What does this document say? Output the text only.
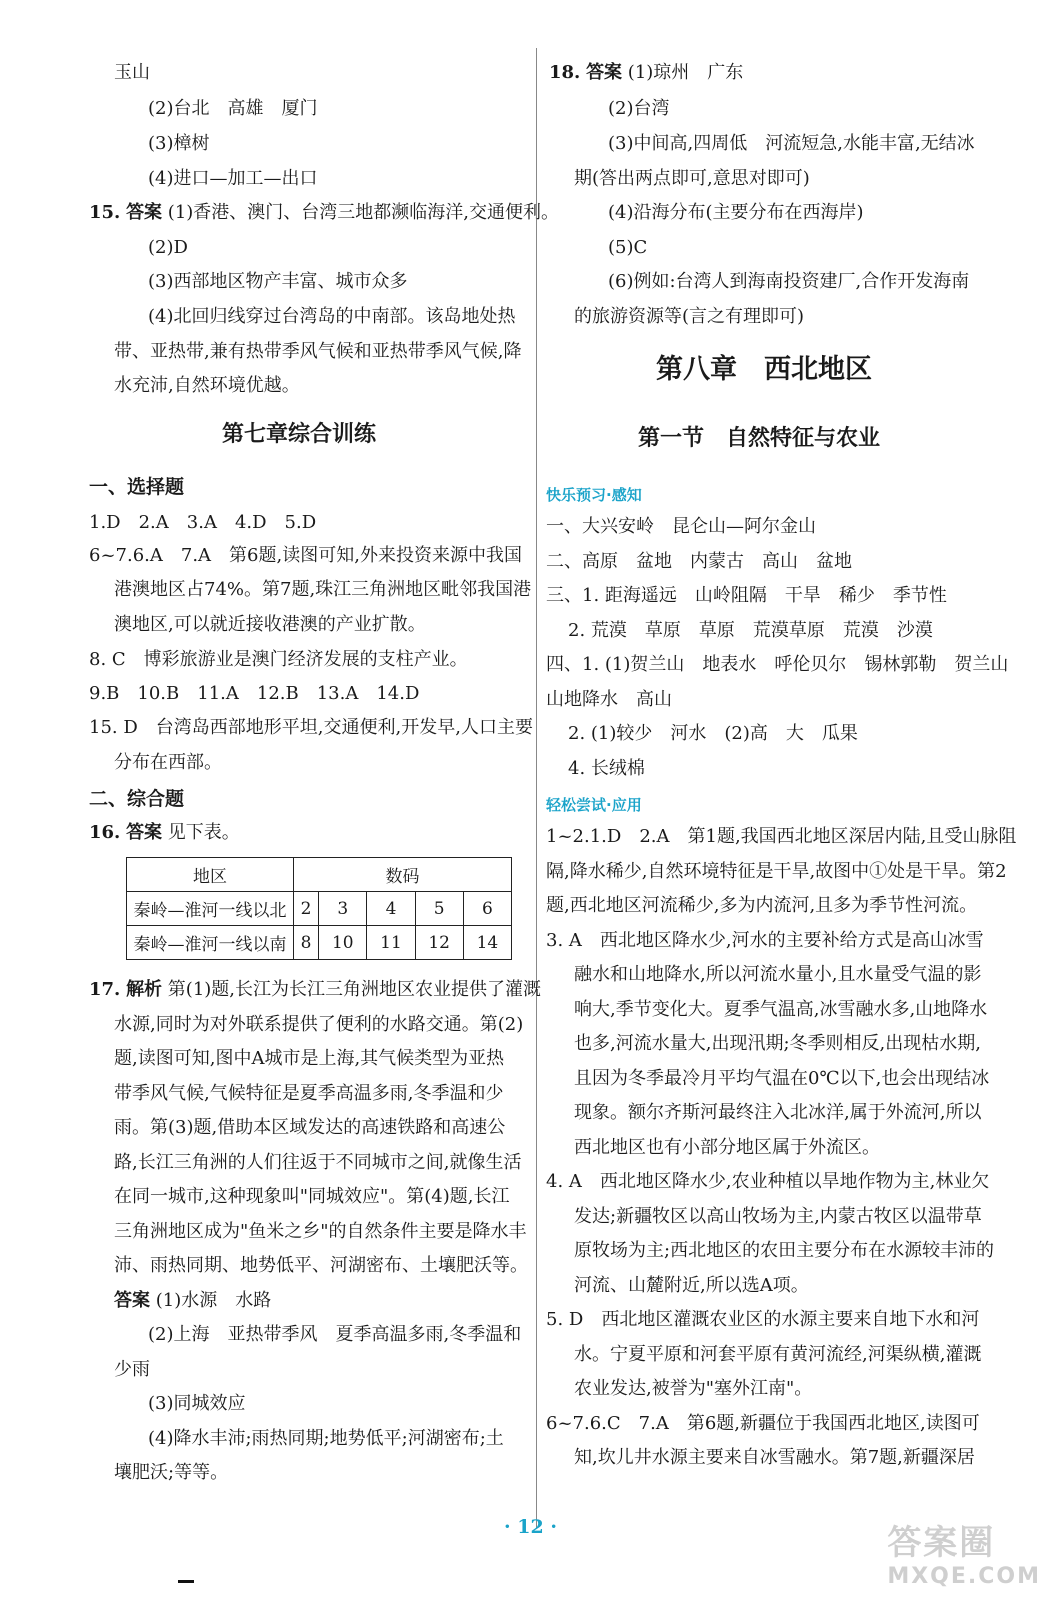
玉山
(2)台北　高雄　厦门
(3)樟树
(4)进口—加工—出口
15. 答案 (1)香港、澳门、台湾三地都濒临海洋,交通便利。
(2)D
(3)西部地区物产丰富、城市众多
(4)北回归线穿过台湾岛的中南部。该岛地处热
带、亚热带,兼有热带季风气候和亚热带季风气候,降
水充沛,自然环境优越。
第七章综合训练
一、选择题
1.D　2.A　3.A　4.D　5.D
6~7.6.A　7.A　第6题,读图可知,外来投资来源中我国
港澳地区占74%。第7题,珠江三角洲地区毗邻我国港
澳地区,可以就近接收港澳的产业扩散。
8. C　博彩旅游业是澳门经济发展的支柱产业。
9.B　10.B　11.A　12.B　13.A　14.D
15. D　台湾岛西部地形平坦,交通便利,开发早,人口主要
分布在西部。
二、综合题
16. 答案 见下表。
地区	数码				
秦岭—淮河一线以北	2	3	4	5	6
秦岭—淮河一线以南	8	10	11	12	14
17. 解析 第(1)题,长江为长江三角洲地区农业提供了灌溉
水源,同时为对外联系提供了便利的水路交通。第(2)
题,读图可知,图中A城市是上海,其气候类型为亚热
带季风气候,气候特征是夏季高温多雨,冬季温和少
雨。第(3)题,借助本区域发达的高速铁路和高速公
路,长江三角洲的人们往返于不同城市之间,就像生活
在同一城市,这种现象叫"同城效应"。第(4)题,长江
三角洲地区成为"鱼米之乡"的自然条件主要是降水丰
沛、雨热同期、地势低平、河湖密布、土壤肥沃等。
答案 (1)水源　水路
(2)上海　亚热带季风　夏季高温多雨,冬季温和
少雨
(3)同城效应
(4)降水丰沛;雨热同期;地势低平;河湖密布;土
壤肥沃;等等。
18. 答案 (1)琼州　广东
(2)台湾
(3)中间高,四周低　河流短急,水能丰富,无结冰
期(答出两点即可,意思对即可)
(4)沿海分布(主要分布在西海岸)
(5)C
(6)例如:台湾人到海南投资建厂,合作开发海南
的旅游资源等(言之有理即可)
第八章　西北地区
第一节　自然特征与农业
快乐预习·感知
一、大兴安岭　昆仑山—阿尔金山
二、高原　盆地　内蒙古　高山　盆地
三、1. 距海遥远　山岭阻隔　干旱　稀少　季节性
2. 荒漠　草原　草原　荒漠草原　荒漠　沙漠
四、1. (1)贺兰山　地表水　呼伦贝尔　锡林郭勒　贺兰山
山地降水　高山
2. (1)较少　河水　(2)高　大　瓜果
4. 长绒棉
轻松尝试·应用
1~2.1.D　2.A　第1题,我国西北地区深居内陆,且受山脉阻
隔,降水稀少,自然环境特征是干旱,故图中①处是干旱。第2
题,西北地区河流稀少,多为内流河,且多为季节性河流。
3. A　西北地区降水少,河水的主要补给方式是高山冰雪
融水和山地降水,所以河流水量小,且水量受气温的影
响大,季节变化大。夏季气温高,冰雪融水多,山地降水
也多,河流水量大,出现汛期;冬季则相反,出现枯水期,
且因为冬季最冷月平均气温在0℃以下,也会出现结冰
现象。额尔齐斯河最终注入北冰洋,属于外流河,所以
西北地区也有小部分地区属于外流区。
4. A　西北地区降水少,农业种植以旱地作物为主,林业欠
发达;新疆牧区以高山牧场为主,内蒙古牧区以温带草
原牧场为主;西北地区的农田主要分布在水源较丰沛的
河流、山麓附近,所以选A项。
5. D　西北地区灌溉农业区的水源主要来自地下水和河
水。宁夏平原和河套平原有黄河流经,河渠纵横,灌溉
农业发达,被誉为"塞外江南"。
6~7.6.C　7.A　第6题,新疆位于我国西北地区,读图可
知,坎儿井水源主要来自冰雪融水。第7题,新疆深居
· 12 ·	答案圈
MXQE.COM
